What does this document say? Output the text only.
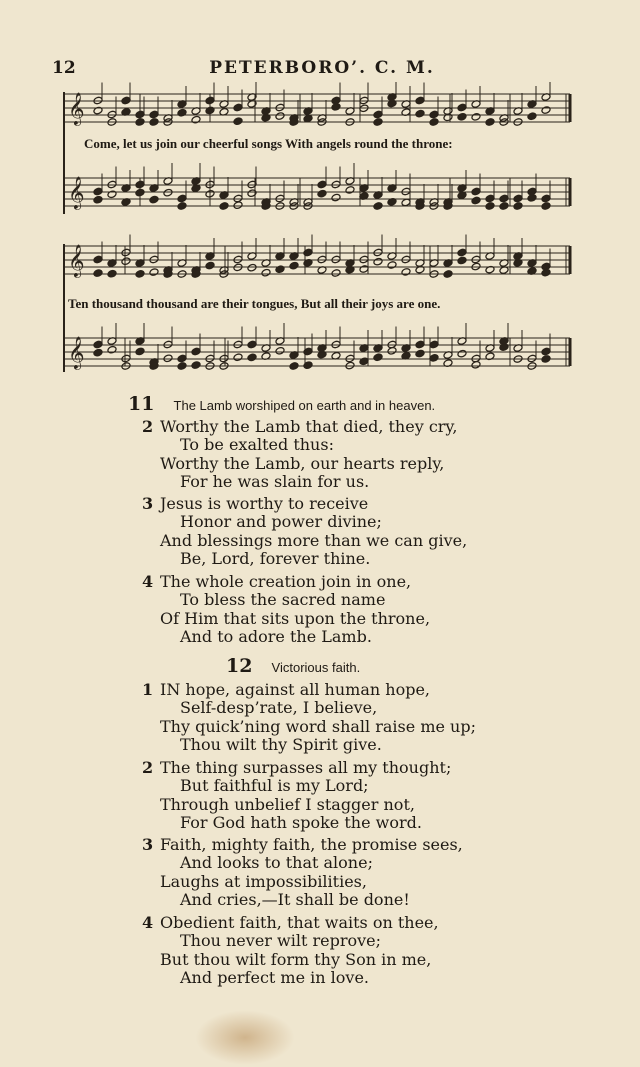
12	PETERBORO’. C. M.
𝄞
𝄞
𝄞
𝄞
Come, let us join our cheerful songs With angels round the throne:
Ten thousand thousand are their tongues, But all their joys are one.
11 The Lamb worshiped on earth and in heaven.
2 Worthy the Lamb that died, they cry,
To be exalted thus:
Worthy the Lamb, our hearts reply,
For he was slain for us.
3 Jesus is worthy to receive
Honor and power divine;
And blessings more than we can give,
Be, Lord, forever thine.
4 The whole creation join in one,
To bless the sacred name
Of Him that sits upon the throne,
And to adore the Lamb.
12 Victorious faith.
1 IN hope, against all human hope,
Self-desp’rate, I believe,
Thy quick’ning word shall raise me up;
Thou wilt thy Spirit give.
2 The thing surpasses all my thought;
But faithful is my Lord;
Through unbelief I stagger not,
For God hath spoke the word.
3 Faith, mighty faith, the promise sees,
And looks to that alone;
Laughs at impossibilities,
And cries,—It shall be done!
4 Obedient faith, that waits on thee,
Thou never wilt reprove;
But thou wilt form thy Son in me,
And perfect me in love.
